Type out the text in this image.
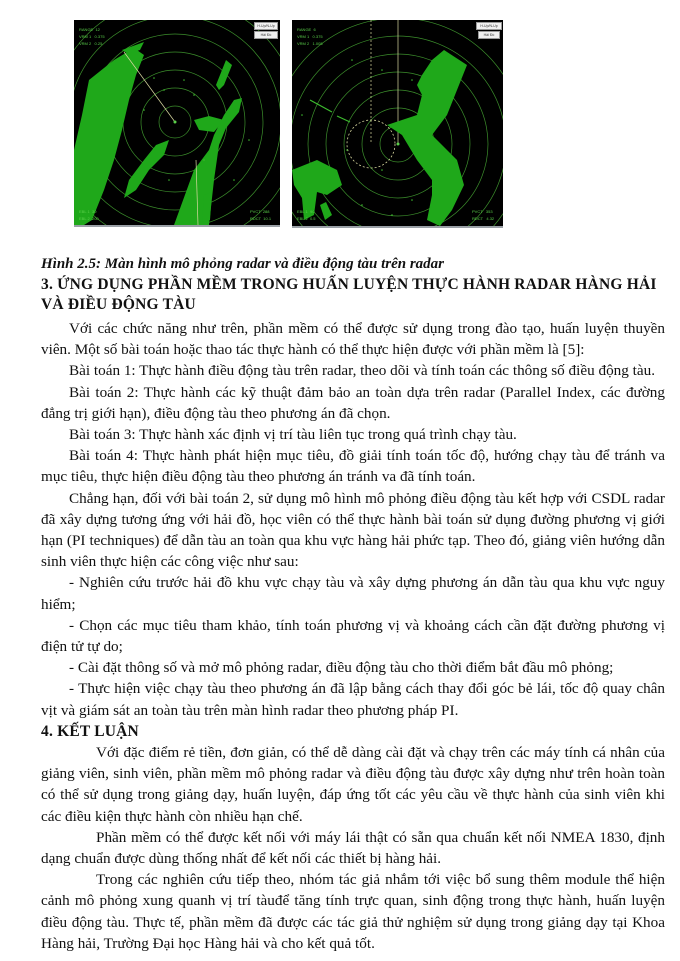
RANGE  12
VRM 1   0.375
VRM 2   0.25
EBL 1  30
EBL 2  200
PVCT  288
RDCT  10.1
H-Up/N-Up
Hải Đồ
RANGE  6
VRM 1   0.375
VRM 2   1.005
EBL 1  90
EBL 2  0.5
PVCT   353
RDCT   4.32
H-Up/N-Up
Hải Đồ
Hình 2.5: Màn hình mô phỏng radar và điều động tàu trên radar
3. ỨNG DỤNG PHẦN MỀM TRONG HUẤN LUYỆN THỰC HÀNH RADAR HÀNG HẢI
VÀ ĐIỀU ĐỘNG TÀU

Với các chức năng như trên, phần mềm có thể được sử dụng trong đào tạo, huấn luyện thuyền viên. Một số bài toán hoặc thao tác thực hành có thể thực hiện được với phần mềm là [5]:

Bài toán 1: Thực hành điều động tàu trên radar, theo dõi và tính toán các thông số điều động tàu.

Bài toán 2: Thực hành các kỹ thuật đảm bảo an toàn dựa trên radar (Parallel Index, các đường đẳng trị giới hạn), điều động tàu theo phương án đã chọn.

Bài toán 3: Thực hành xác định vị trí tàu liên tục trong quá trình chạy tàu.

Bài toán 4: Thực hành phát hiện mục tiêu, đồ giải tính toán tốc độ, hướng chạy tàu để tránh va mục tiêu, thực hiện điều động tàu theo phương án tránh va đã tính toán.

Chẳng hạn, đối với bài toán 2, sử dụng mô hình mô phỏng điều động tàu kết hợp với CSDL radar đã xây dựng tương ứng với hải đồ, học viên có thể thực hành bài toán sử dụng đường phương vị giới hạn (PI techniques) để dẫn tàu an toàn qua khu vực hàng hải phức tạp. Theo đó, giảng viên hướng dẫn sinh viên thực hiện các công việc như sau:

- Nghiên cứu trước hải đồ khu vực chạy tàu và xây dựng phương án dẫn tàu qua khu vực nguy hiểm;

- Chọn các mục tiêu tham khảo, tính toán phương vị và khoảng cách cần đặt đường phương vị điện tử tự do;

- Cài đặt thông số và mở mô phỏng radar, điều động tàu cho thời điểm bắt đầu mô phỏng;

- Thực hiện việc chạy tàu theo phương án đã lập bằng cách thay đổi góc bẻ lái, tốc độ quay chân vịt và giám sát an toàn tàu trên màn hình radar theo phương pháp PI.

4. KẾT LUẬN

Với đặc điểm rẻ tiền, đơn giản, có thể dễ dàng cài đặt và chạy trên các máy tính cá nhân của giảng viên, sinh viên, phần mềm mô phỏng radar và điều động tàu được xây dựng như trên hoàn toàn có thể sử dụng trong giảng dạy, huấn luyện, đáp ứng tốt các yêu cầu về thực hành của sinh viên khi các điều kiện thực hành còn nhiều hạn chế.

Phần mềm có thể được kết nối với máy lái thật có sẵn qua chuẩn kết nối NMEA 1830, định dạng chuẩn được dùng thống nhất để kết nối các thiết bị hàng hải.

Trong các nghiên cứu tiếp theo, nhóm tác giả nhắm tới việc bổ sung thêm module thể hiện cảnh mô phỏng xung quanh vị trí tàuđể tăng tính trực quan, sinh động trong thực hành, huấn luyện điều động tàu. Thực tế, phần mềm đã được các tác giả thử nghiệm sử dụng trong giảng dạy tại Khoa Hàng hải, Trường Đại học Hàng hải và cho kết quả tốt.
